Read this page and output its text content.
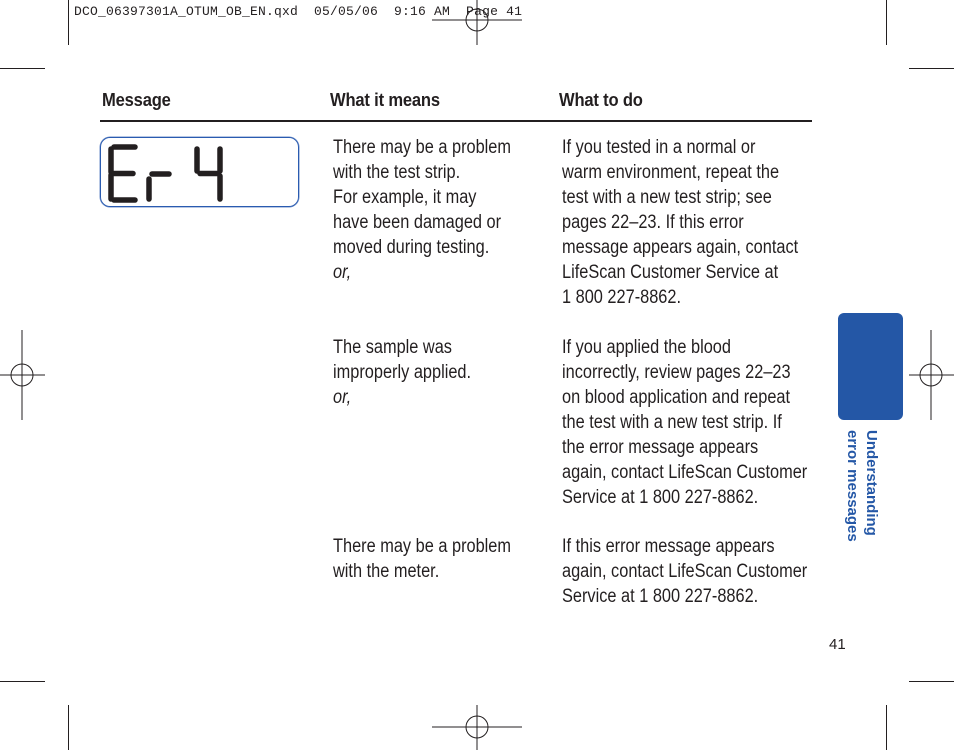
DCO_06397301A_OTUM_OB_EN.qxd  05/05/06  9:16 AM  Page 41
Message	What it means	What to do
There may be a problem
with the test strip.
For example, it may
have been damaged or
moved during testing.
or,
If you tested in a normal or
warm environment, repeat the
test with a new test strip; see
pages 22–23. If this error
message appears again, contact
LifeScan Customer Service at
1 800 227-8862.
The sample was
improperly applied.
or,
If you applied the blood
incorrectly, review pages 22–23
on blood application and repeat
the test with a new test strip. If
the error message appears
again, contact LifeScan Customer
Service at 1 800 227-8862.
There may be a problem
with the meter.
If this error message appears
again, contact LifeScan Customer
Service at 1 800 227-8862.
Understanding
error messages
41
